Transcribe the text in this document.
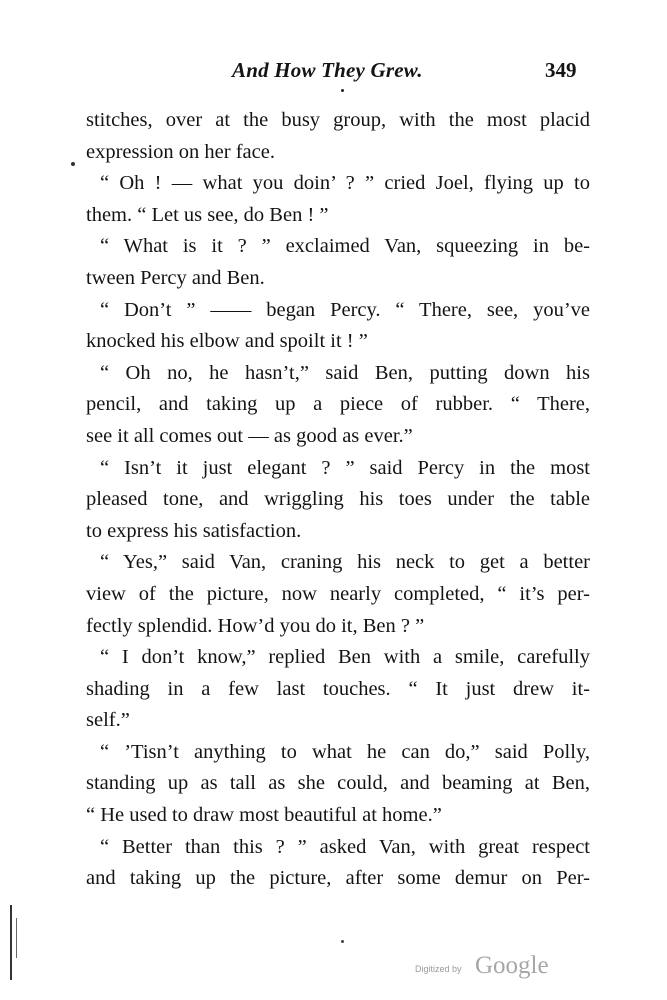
And How They Grew.	349
stitches, over at the busy group, with the most placid
expression on her face.
“ Oh ! — what you doin’ ? ” cried Joel, flying up to
them. “ Let us see, do Ben ! ”
“ What is it ? ” exclaimed Van, squeezing in be-
tween Percy and Ben.
“ Don’t ” —— began Percy. “ There, see, you’ve
knocked his elbow and spoilt it ! ”
“ Oh no, he hasn’t,” said Ben, putting down his
pencil, and taking up a piece of rubber. “ There,
see it all comes out — as good as ever.”
“ Isn’t it just elegant ? ” said Percy in the most
pleased tone, and wriggling his toes under the table
to express his satisfaction.
“ Yes,” said Van, craning his neck to get a better
view of the picture, now nearly completed, “ it’s per-
fectly splendid. How’d you do it, Ben ? ”
“ I don’t know,” replied Ben with a smile, carefully
shading in a few last touches. “ It just drew it-
self.”
“ ’Tisn’t anything to what he can do,” said Polly,
standing up as tall as she could, and beaming at Ben,
“ He used to draw most beautiful at home.”
“ Better than this ? ” asked Van, with great respect
and taking up the picture, after some demur on Per-
Digitized by Google
